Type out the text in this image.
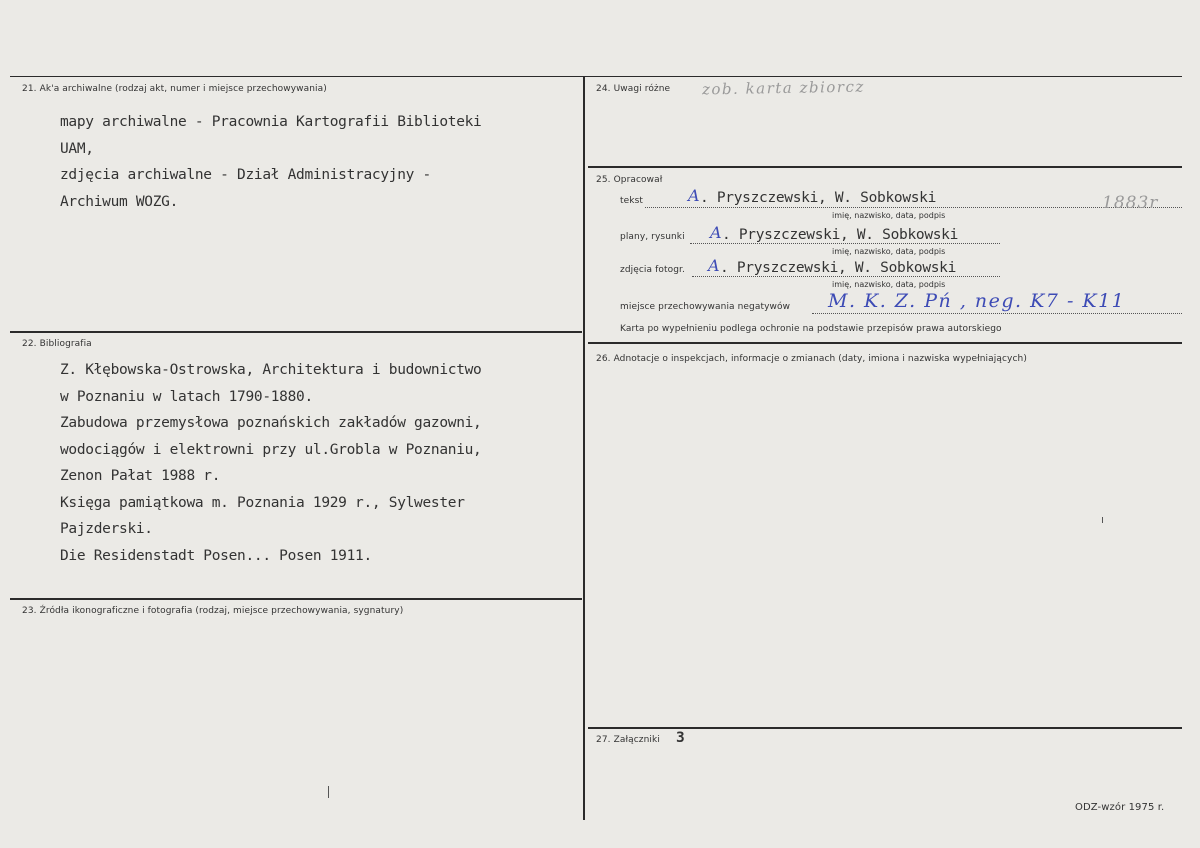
21. Ak'a archiwalne (rodzaj akt, numer i miejsce przechowywania)
mapy archiwalne - Pracownia Kartografii Biblioteki
UAM,
zdjęcia archiwalne - Dział Administracyjny -
Archiwum WOZG.
22. Bibliografia
Z. Kłębowska-Ostrowska, Architektura i budownictwo
w Poznaniu w latach 1790-1880.
Zabudowa przemysłowa poznańskich zakładów gazowni,
wodociągów i elektrowni przy ul.Grobla w Poznaniu,
Zenon Pałat 1988 r.
Księga pamiątkowa m. Poznania 1929 r., Sylwester
Pajzderski.
Die Residenstadt Posen... Posen 1911.
23. Źródła ikonograficzne i fotografia (rodzaj, miejsce przechowywania, sygnatury)
24. Uwagi różne zob. karta zbiorcz
25. Opracował
tekst	A . Pryszczewski, W. Sobkowski	1883r
imię, nazwisko, data, podpis
plany, rysunki A . Pryszczewski, W. Sobkowski
imię, nazwisko, data, podpis
zdjęcia fotogr. A . Pryszczewski, W. Sobkowski
imię, nazwisko, data, podpis
miejsce przechowywania negatywów M. K. Z. Pń , neg. K7 - K11
Karta po wypełnieniu podlega ochronie na podstawie przepisów prawa autorskiego
26. Adnotacje o inspekcjach, informacje o zmianach (daty, imiona i nazwiska wypełniających)
27. Załączniki 3
ODZ-wzór 1975 r.
